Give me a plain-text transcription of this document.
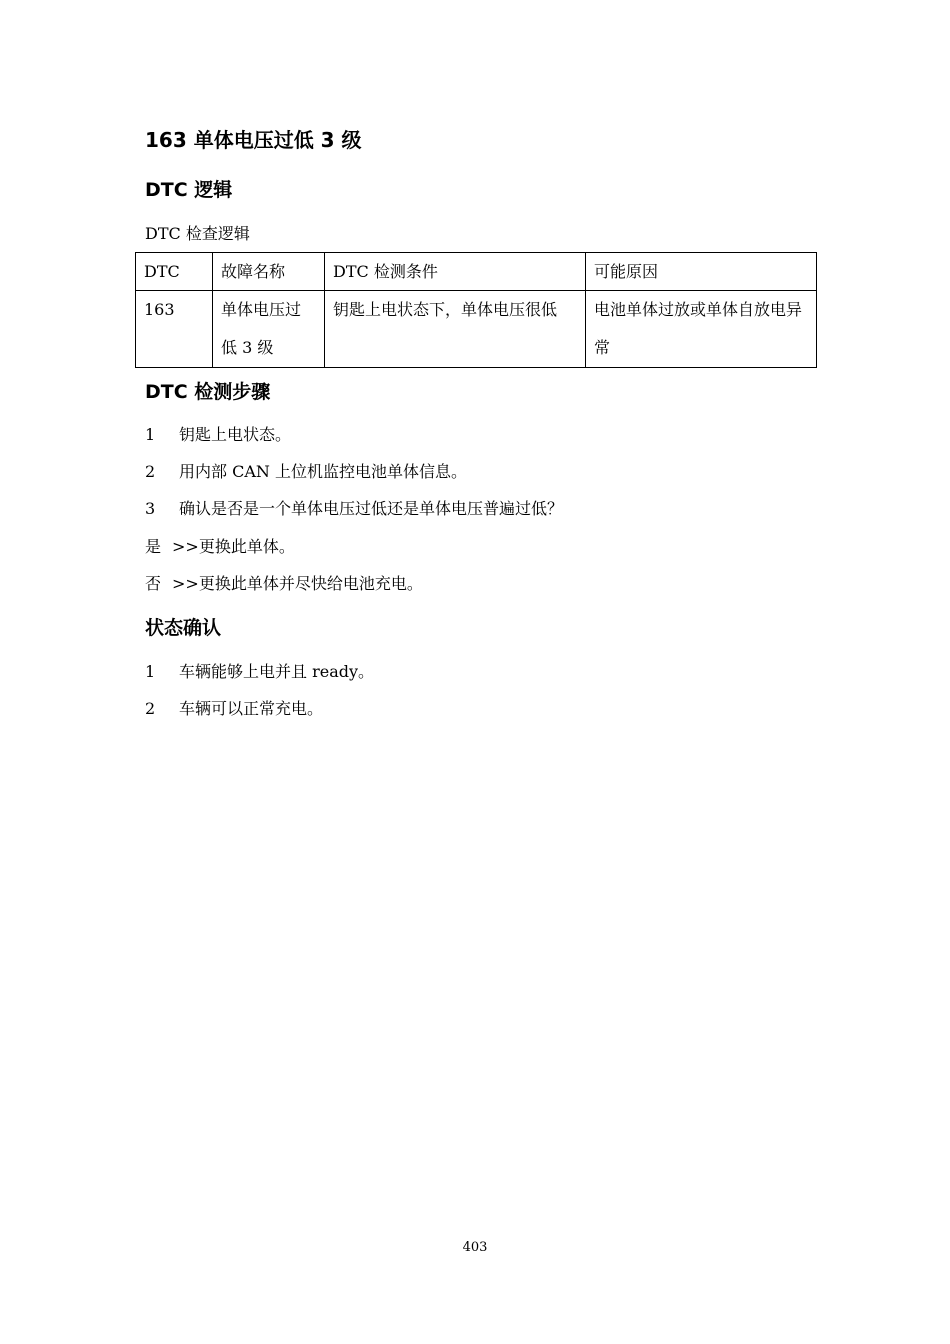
163 单体电压过低 3 级
DTC 逻辑
DTC 检查逻辑
DTC	故障名称	DTC 检测条件	可能原因
163	单体电压过低 3 级	钥匙上电状态下，单体电压很低	电池单体过放或单体自放电异常
DTC 检测步骤
1 钥匙上电状态。
2 用内部 CAN 上位机监控电池单体信息。
3 确认是否是一个单体电压过低还是单体电压普遍过低？
是 >>更换此单体。
否 >>更换此单体并尽快给电池充电。
状态确认
1 车辆能够上电并且 ready。
2 车辆可以正常充电。
403
